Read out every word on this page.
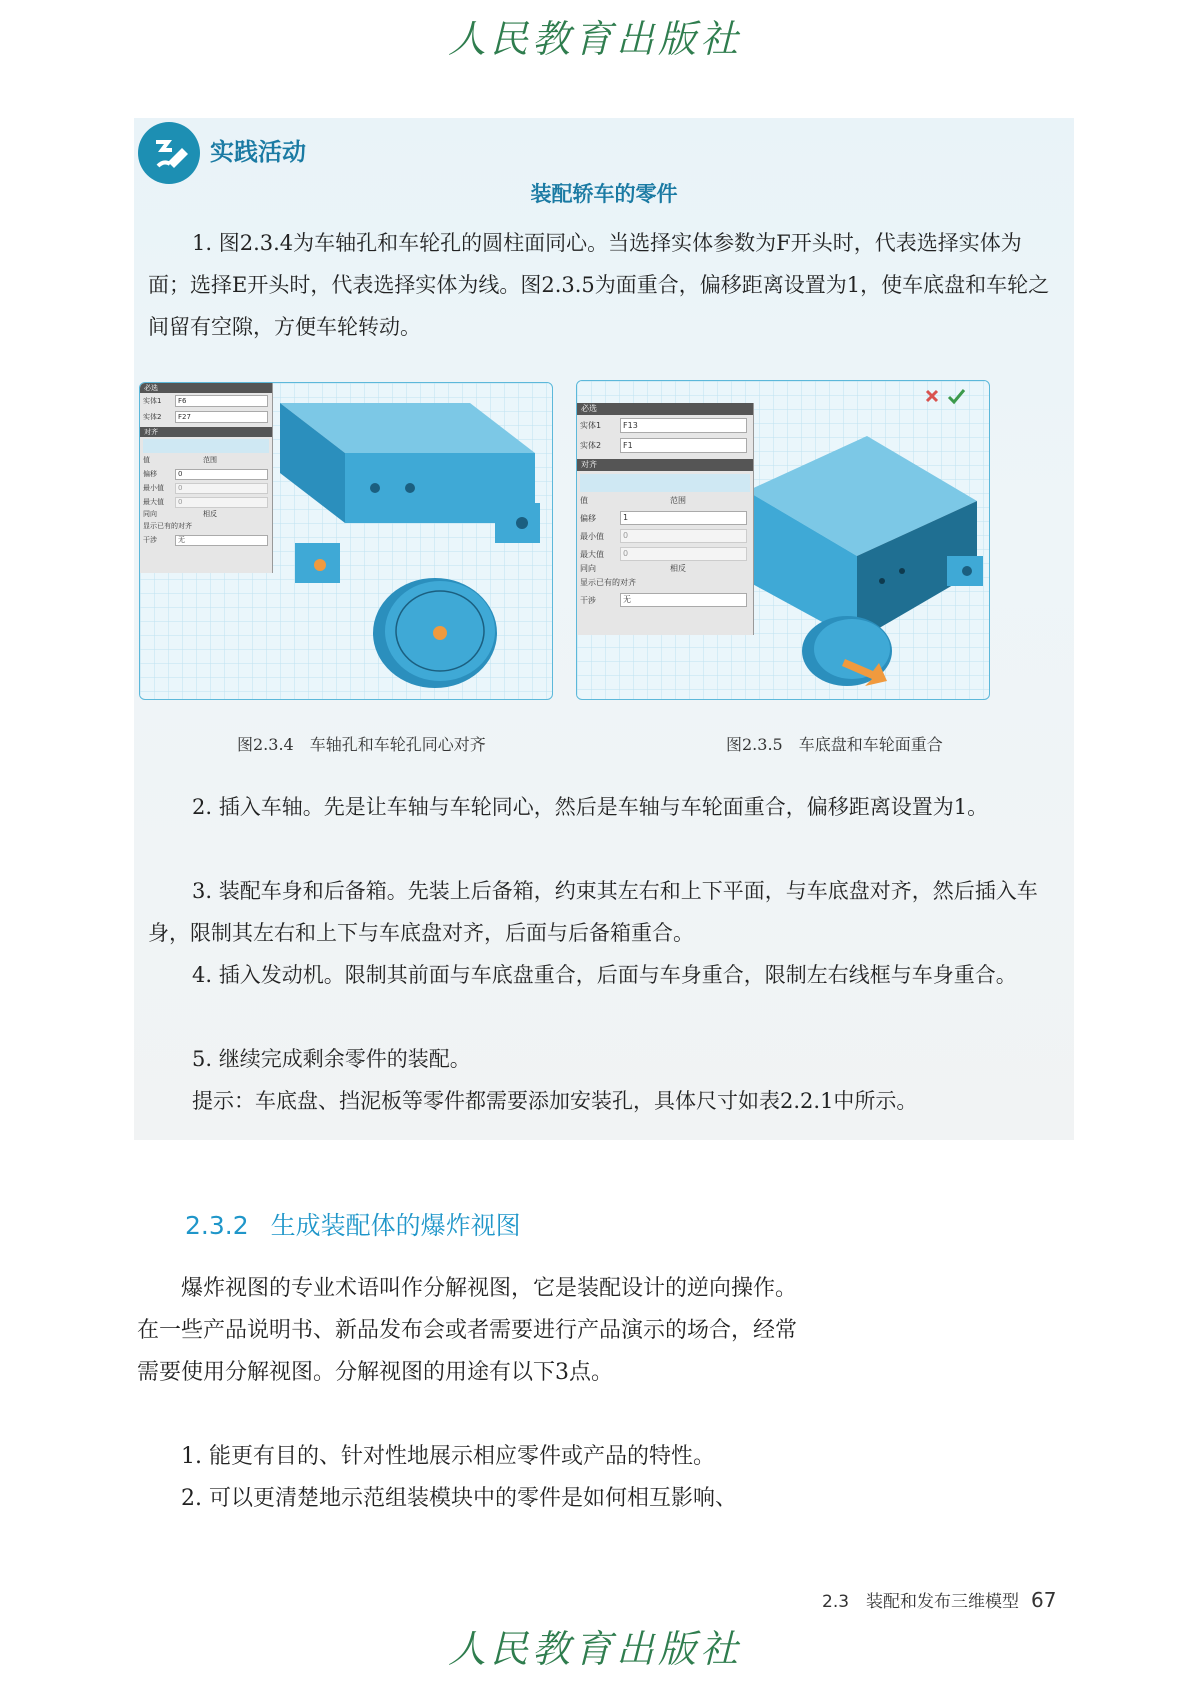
人民教育出版社
实践活动
装配轿车的零件
1. 图2.3.4为车轴孔和车轮孔的圆柱面同心。当选择实体参数为F开头时，代表选择实体为面；选择E开头时，代表选择实体为线。图2.3.5为面重合，偏移距离设置为1，使车底盘和车轮之间留有空隙，方便车轮转动。
必选
实体1	F6
实体2	F27
对齐
值	范围
偏移	0
最小值	0
最大值	0
同向	相反
显示已有的对齐
干涉	无
必选
实体1	F13
实体2	F1
对齐
值	范围
偏移	1
最小值	0
最大值	0
同向	相反
显示已有的对齐
干涉	无
图2.3.4　车轴孔和车轮孔同心对齐	图2.3.5　车底盘和车轮面重合
2. 插入车轴。先是让车轴与车轮同心，然后是车轴与车轮面重合，偏移距离设置为1。
3. 装配车身和后备箱。先装上后备箱，约束其左右和上下平面，与车底盘对齐，然后插入车身，限制其左右和上下与车底盘对齐，后面与后备箱重合。
4. 插入发动机。限制其前面与车底盘重合，后面与车身重合，限制左右线框与车身重合。
5. 继续完成剩余零件的装配。
提示：车底盘、挡泥板等零件都需要添加安装孔，具体尺寸如表2.2.1中所示。
2.3.2 生成装配体的爆炸视图
爆炸视图的专业术语叫作分解视图，它是装配设计的逆向操作。在一些产品说明书、新品发布会或者需要进行产品演示的场合，经常需要使用分解视图。分解视图的用途有以下3点。
1. 能更有目的、针对性地展示相应零件或产品的特性。
2. 可以更清楚地示范组装模块中的零件是如何相互影响、
2.3　装配和发布三维模型 67
人民教育出版社
